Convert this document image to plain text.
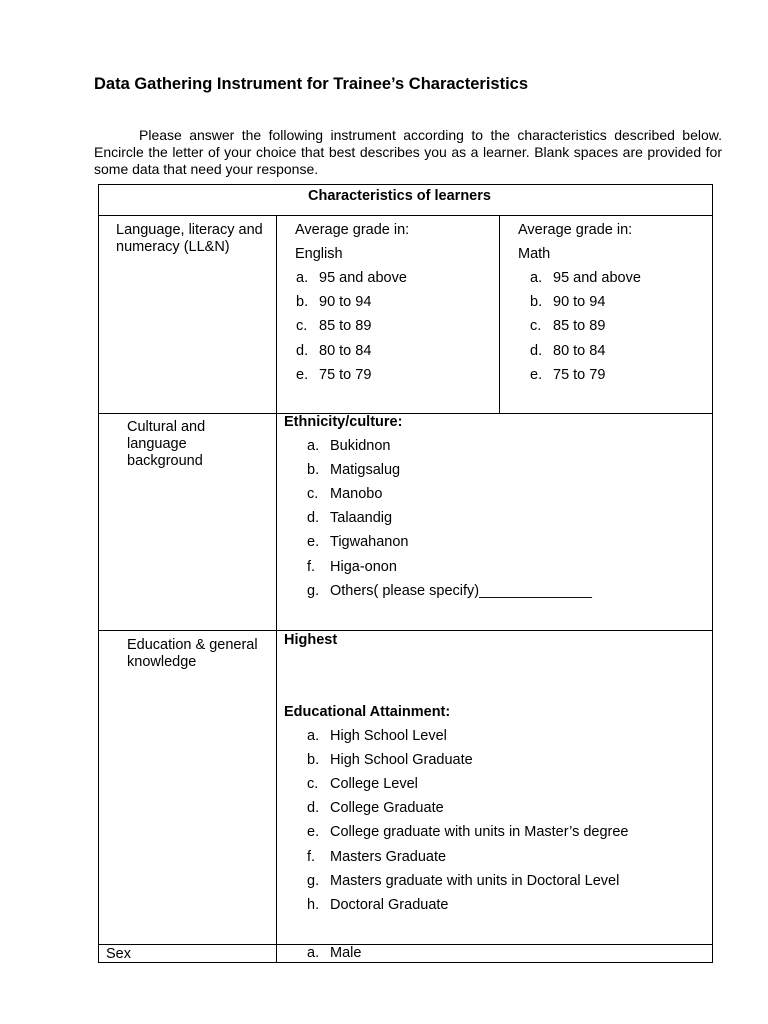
Data Gathering Instrument for Trainee’s Characteristics
Please answer the following instrument according to the characteristics described below. Encircle the letter of your choice that best describes you as a learner. Blank spaces are provided for some data that need your response.
Characteristics of learners
Language, literacy and numeracy (LL&N)
Average grade in:
English
a. 95 and above
b. 90 to 94
c. 85 to 89
d. 80 to 84
e. 75 to 79
Average grade in:
Math
a. 95 and above
b. 90 to 94
c. 85 to 89
d. 80 to 84
e. 75 to 79
Cultural and language background
Ethnicity/culture:
a. Bukidnon
b. Matigsalug
c. Manobo
d. Talaandig
e. Tigwahanon
f. Higa-onon
g. Others( please specify)______________
Education & general knowledge
Highest
Educational Attainment:
a. High School Level
b. High School Graduate
c. College Level
d. College Graduate
e. College graduate with units in Master’s degree
f. Masters Graduate
g. Masters graduate with units in Doctoral Level
h. Doctoral Graduate
Sex	a. Male
